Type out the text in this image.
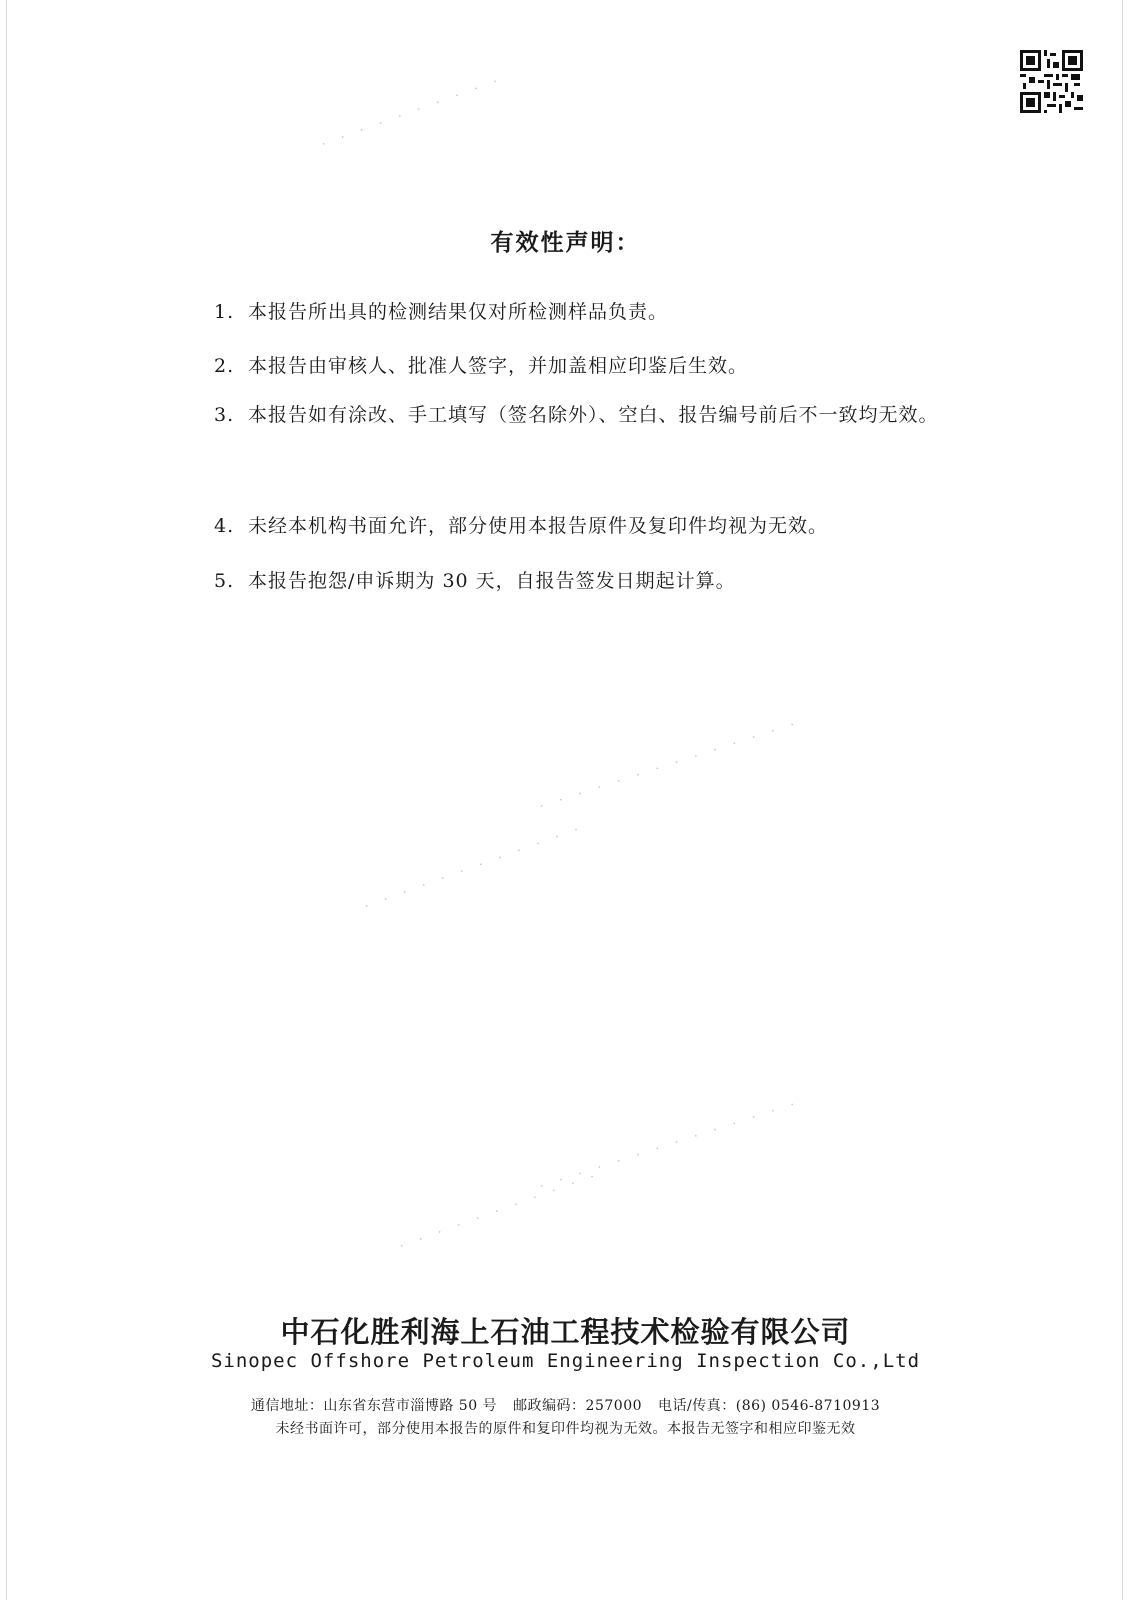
有效性声明：
1. 本报告所出具的检测结果仅对所检测样品负责。
2. 本报告由审核人、批准人签字，并加盖相应印鉴后生效。
3. 本报告如有涂改、手工填写（签名除外）、空白、报告编号前后不一致均无效。
4. 未经本机构书面允许，部分使用本报告原件及复印件均视为无效。
5. 本报告抱怨/申诉期为 30 天，自报告签发日期起计算。
中石化胜利海上石油工程技术检验有限公司
Sinopec Offshore Petroleum Engineering Inspection Co.,Ltd
通信地址：山东省东营市淄博路 50 号 邮政编码：257000 电话/传真：(86) 0546-8710913
未经书面许可，部分使用本报告的原件和复印件均视为无效。本报告无签字和相应印鉴无效
· · · · · · · · · ·
· · · · · · · · · · · ·
· · · · · · · · · · · · · ·
· · · · · · · · · · ·
· · · · · · · · · · · · · ·
